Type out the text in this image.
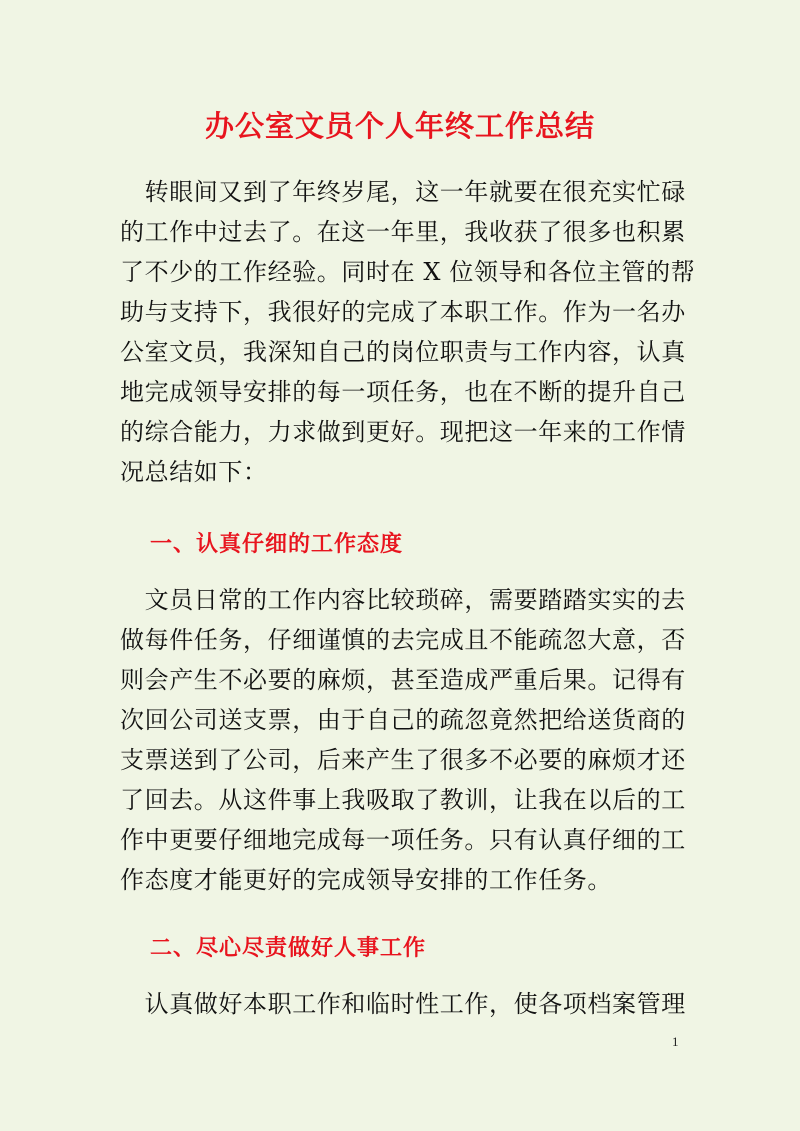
办公室文员个人年终工作总结
　转眼间又到了年终岁尾，这一年就要在很充实忙碌
的工作中过去了。在这一年里，我收获了很多也积累
了不少的工作经验。同时在 X 位领导和各位主管的帮
助与支持下，我很好的完成了本职工作。作为一名办
公室文员，我深知自己的岗位职责与工作内容，认真
地完成领导安排的每一项任务，也在不断的提升自己
的综合能力，力求做到更好。现把这一年来的工作情
况总结如下：
一、认真仔细的工作态度
　文员日常的工作内容比较琐碎，需要踏踏实实的去
做每件任务，仔细谨慎的去完成且不能疏忽大意，否
则会产生不必要的麻烦，甚至造成严重后果。记得有
次回公司送支票，由于自己的疏忽竟然把给送货商的
支票送到了公司，后来产生了很多不必要的麻烦才还
了回去。从这件事上我吸取了教训，让我在以后的工
作中更要仔细地完成每一项任务。只有认真仔细的工
作态度才能更好的完成领导安排的工作任务。
二、尽心尽责做好人事工作
　认真做好本职工作和临时性工作，使各项档案管理
1
